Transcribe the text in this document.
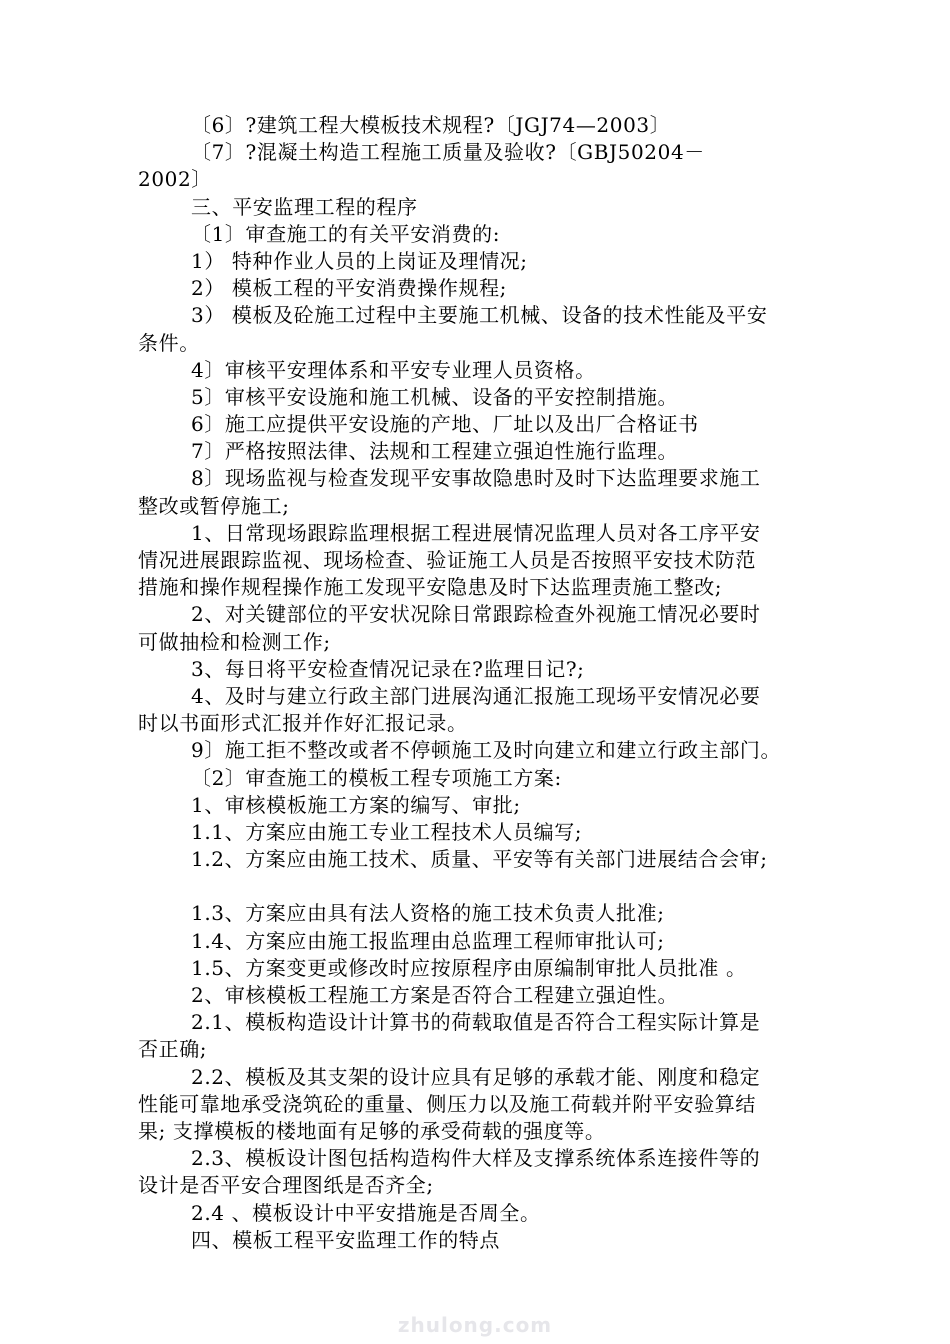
〔6〕?建筑工程大模板技术规程?〔JGJ74—2003〕
〔7〕?混凝土构造工程施工质量及验收?〔GBJ50204－
2002〕
三、平安监理工程的程序
〔1〕审查施工的有关平安消费的:
1） 特种作业人员的上岗证及理情况;
2） 模板工程的平安消费操作规程;
3） 模板及砼施工过程中主要施工机械、设备的技术性能及平安
条件。
4〕审核平安理体系和平安专业理人员资格。
5〕审核平安设施和施工机械、设备的平安控制措施。
6〕施工应提供平安设施的产地、厂址以及出厂合格证书
7〕严格按照法律、法规和工程建立强迫性施行监理。
8〕现场监视与检查发现平安事故隐患时及时下达监理要求施工
整改或暂停施工;
1、日常现场跟踪监理根据工程进展情况监理人员对各工序平安
情况进展跟踪监视、现场检查、验证施工人员是否按照平安技术防范
措施和操作规程操作施工发现平安隐患及时下达监理责施工整改;
2、对关键部位的平安状况除日常跟踪检查外视施工情况必要时
可做抽检和检测工作;
3、每日将平安检查情况记录在?监理日记?;
4、及时与建立行政主部门进展沟通汇报施工现场平安情况必要
时以书面形式汇报并作好汇报记录。
9〕施工拒不整改或者不停顿施工及时向建立和建立行政主部门。
〔2〕审查施工的模板工程专项施工方案:
1、审核模板施工方案的编写、审批;
1.1、方案应由施工专业工程技术人员编写;
1.2、方案应由施工技术、质量、平安等有关部门进展结合会审;
1.3、方案应由具有法人资格的施工技术负责人批准;
1.4、方案应由施工报监理由总监理工程师审批认可;
1.5、方案变更或修改时应按原程序由原编制审批人员批准 。
2、审核模板工程施工方案是否符合工程建立强迫性。
2.1、模板构造设计计算书的荷载取值是否符合工程实际计算是
否正确;
2.2、模板及其支架的设计应具有足够的承载才能、刚度和稳定
性能可靠地承受浇筑砼的重量、侧压力以及施工荷载并附平安验算结
果; 支撑模板的楼地面有足够的承受荷载的强度等。
2.3、模板设计图包括构造构件大样及支撑系统体系连接件等的
设计是否平安合理图纸是否齐全;
2.4 、模板设计中平安措施是否周全。
四、模板工程平安监理工作的特点
zhulong.com
